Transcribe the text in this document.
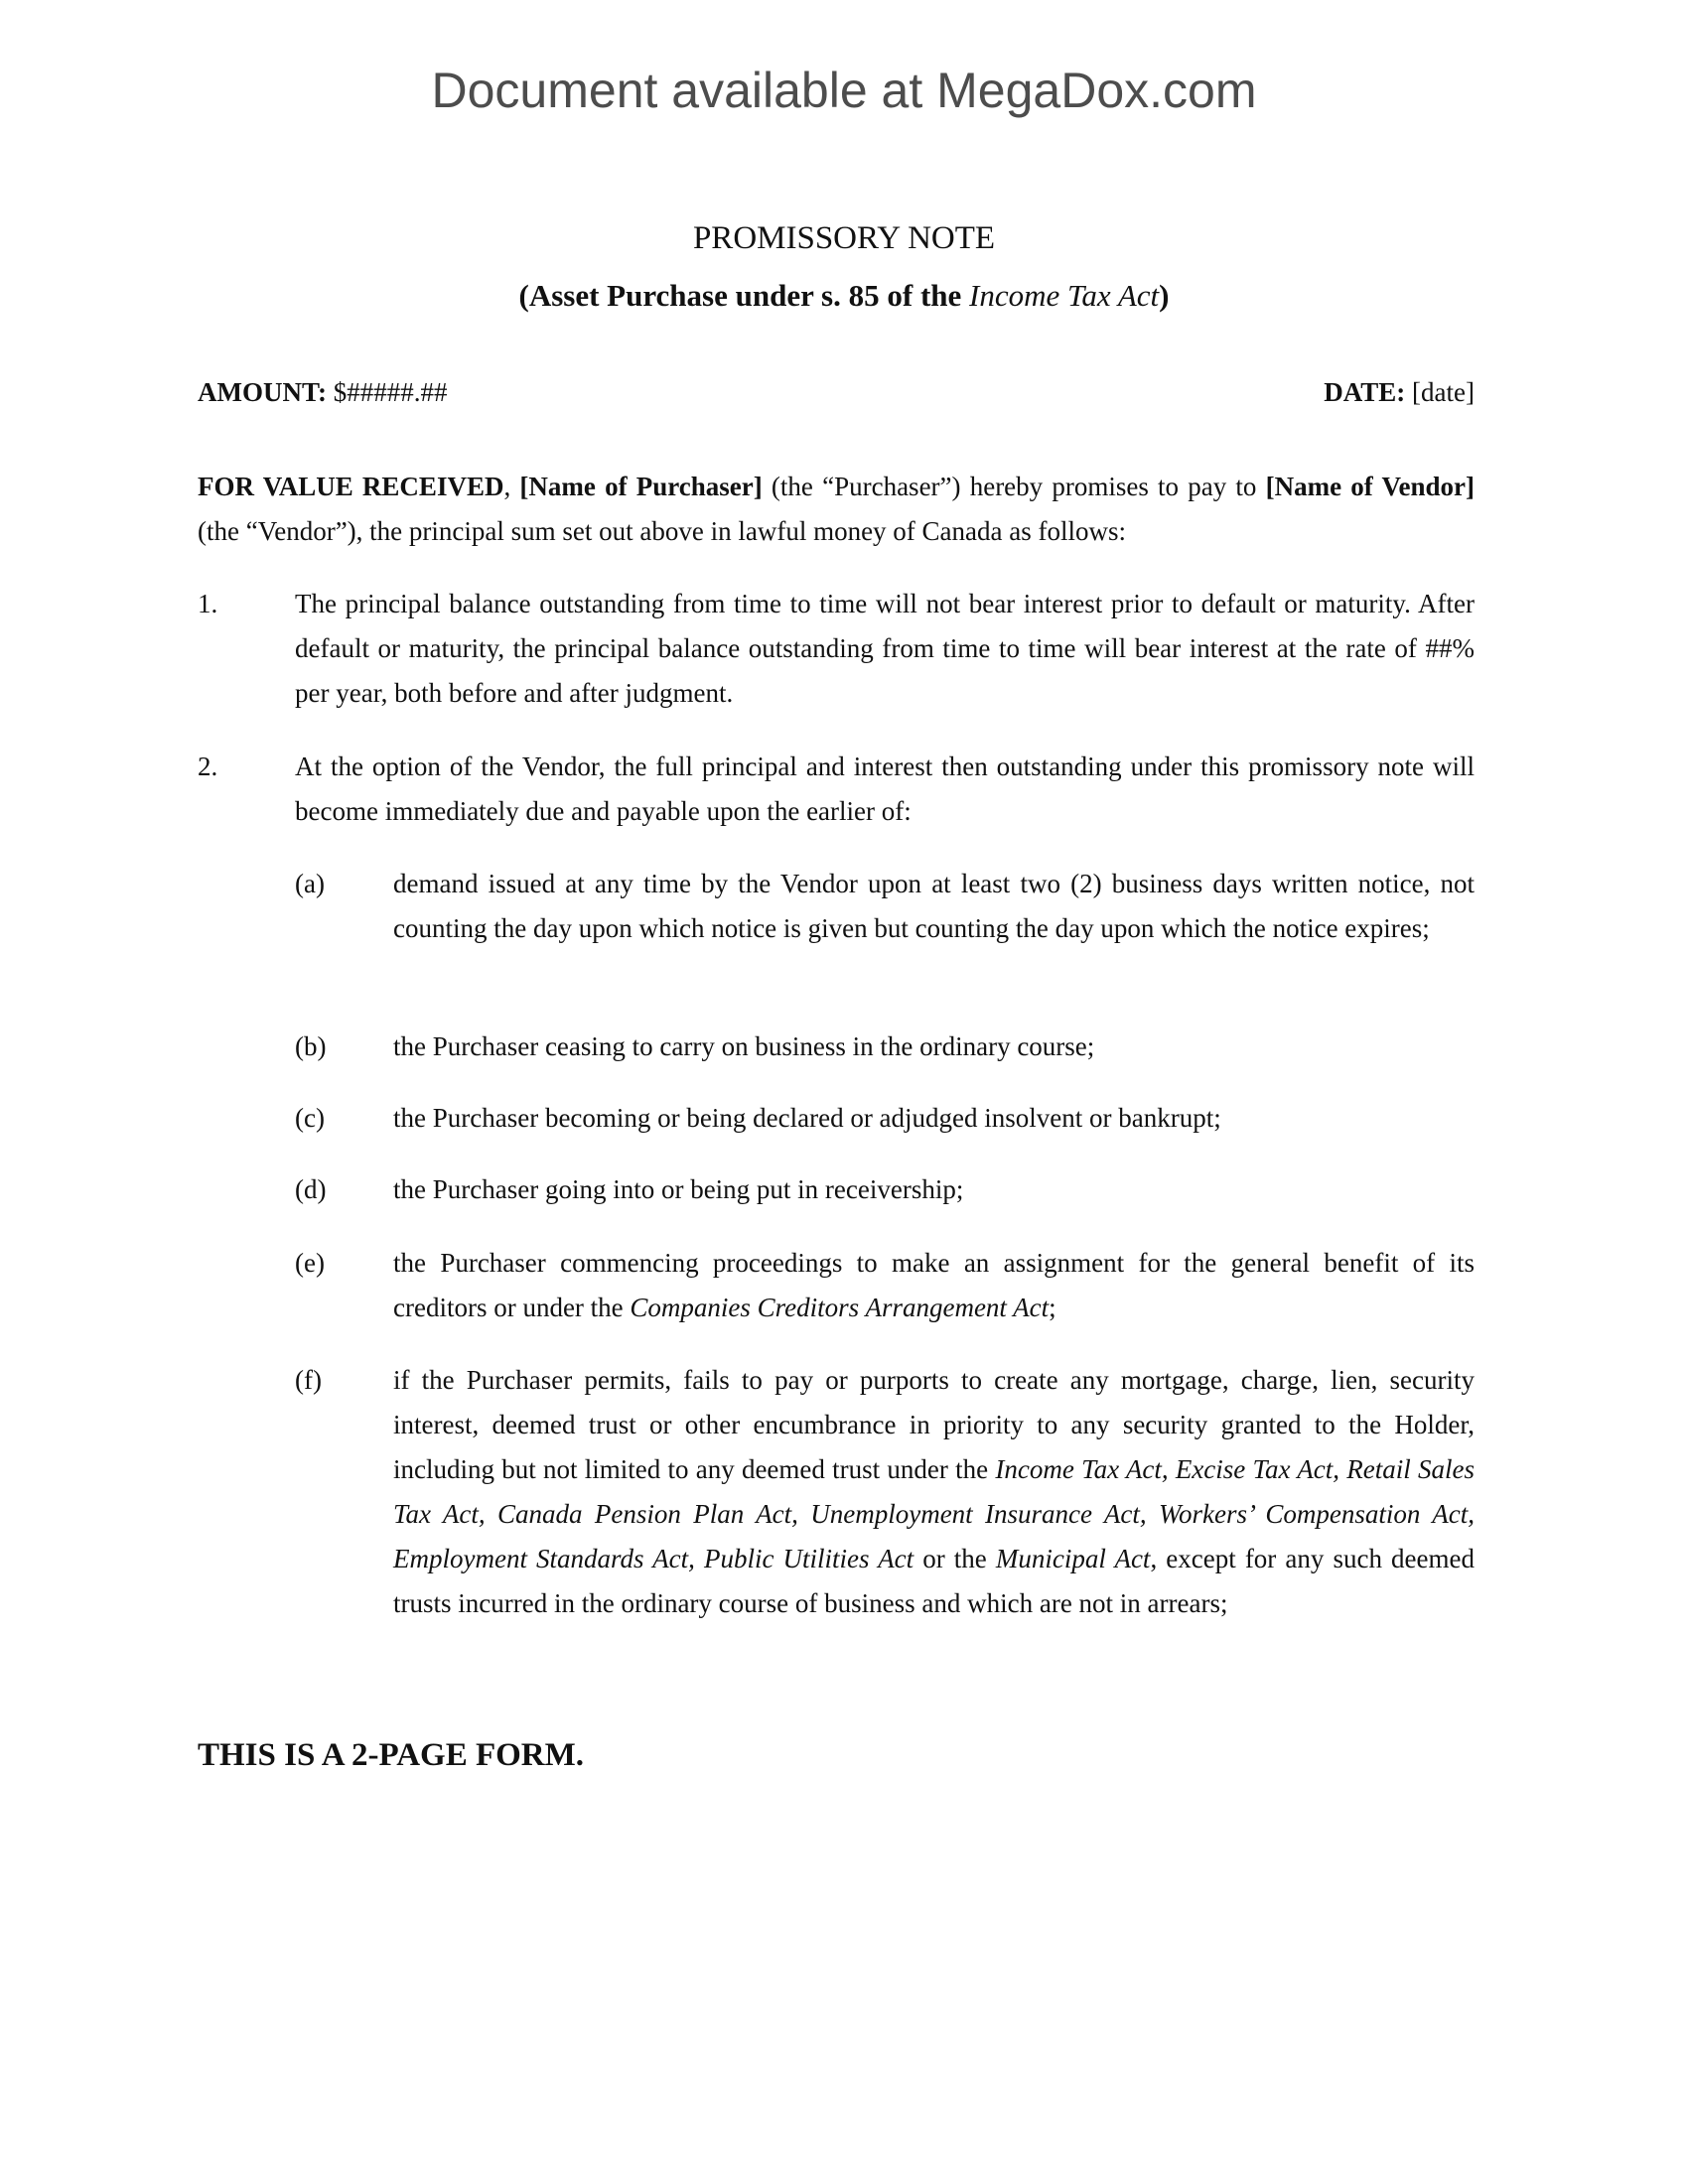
Document available at MegaDox.com
PROMISSORY NOTE
(Asset Purchase under s. 85 of the Income Tax Act)
AMOUNT: $#####.##	DATE: [date]
FOR VALUE RECEIVED, [Name of Purchaser] (the “Purchaser”) hereby promises to pay to [Name of Vendor] (the “Vendor”), the principal sum set out above in lawful money of Canada as follows:
1.	The principal balance outstanding from time to time will not bear interest prior to default or maturity. After default or maturity, the principal balance outstanding from time to time will bear interest at the rate of ##% per year, both before and after judgment.
2.	At the option of the Vendor, the full principal and interest then outstanding under this promissory note will become immediately due and payable upon the earlier of:
(a)	demand issued at any time by the Vendor upon at least two (2) business days written notice, not counting the day upon which notice is given but counting the day upon which the notice expires;
(b)	the Purchaser ceasing to carry on business in the ordinary course;
(c)	the Purchaser becoming or being declared or adjudged insolvent or bankrupt;
(d)	the Purchaser going into or being put in receivership;
(e)	the Purchaser commencing proceedings to make an assignment for the general benefit of its creditors or under the Companies Creditors Arrangement Act;
(f)	if the Purchaser permits, fails to pay or purports to create any mortgage, charge, lien, security interest, deemed trust or other encumbrance in priority to any security granted to the Holder, including but not limited to any deemed trust under the Income Tax Act, Excise Tax Act, Retail Sales Tax Act, Canada Pension Plan Act, Unemployment Insurance Act, Workers’ Compensation Act, Employment Standards Act, Public Utilities Act or the Municipal Act, except for any such deemed trusts incurred in the ordinary course of business and which are not in arrears;
THIS IS A 2-PAGE FORM.
